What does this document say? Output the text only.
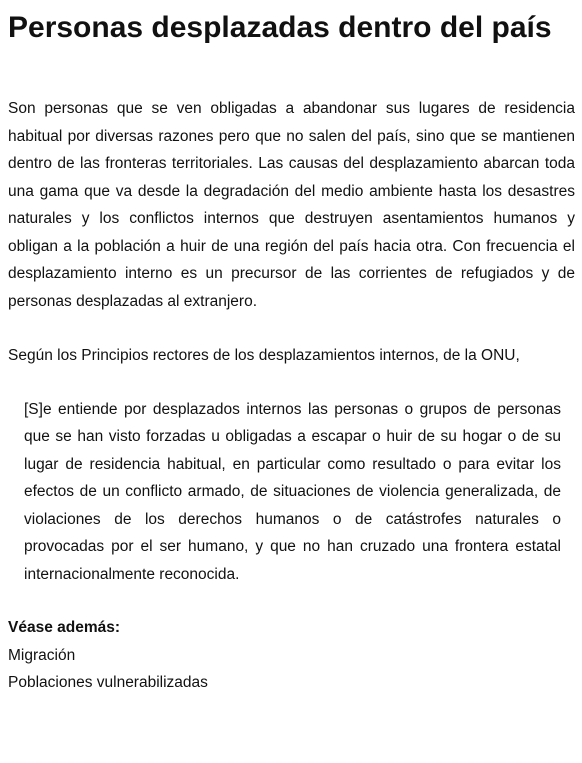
Personas desplazadas dentro del país

Son personas que se ven obligadas a abandonar sus lugares de residencia habitual por diversas razones pero que no salen del país, sino que se mantienen dentro de las fronteras territoriales. Las causas del desplazamiento abarcan toda una gama que va desde la degradación del medio ambiente hasta los desastres naturales y los conflictos internos que destruyen asentamientos humanos y obligan a la población a huir de una región del país hacia otra. Con frecuencia el desplazamiento interno es un precursor de las corrientes de refugiados y de personas desplazadas al extranjero.

Según los Principios rectores de los desplazamientos internos, de la ONU,

[S]e entiende por desplazados internos las personas o grupos de personas que se han visto forzadas u obligadas a escapar o huir de su hogar o de su lugar de residencia habitual, en particular como resultado o para evitar los efectos de un conflicto armado, de situaciones de violencia generalizada, de violaciones de los derechos humanos o de catástrofes naturales o provocadas por el ser humano, y que no han cruzado una frontera estatal internacionalmente reconocida.

Véase además:

Migración
Poblaciones vulnerabilizadas
